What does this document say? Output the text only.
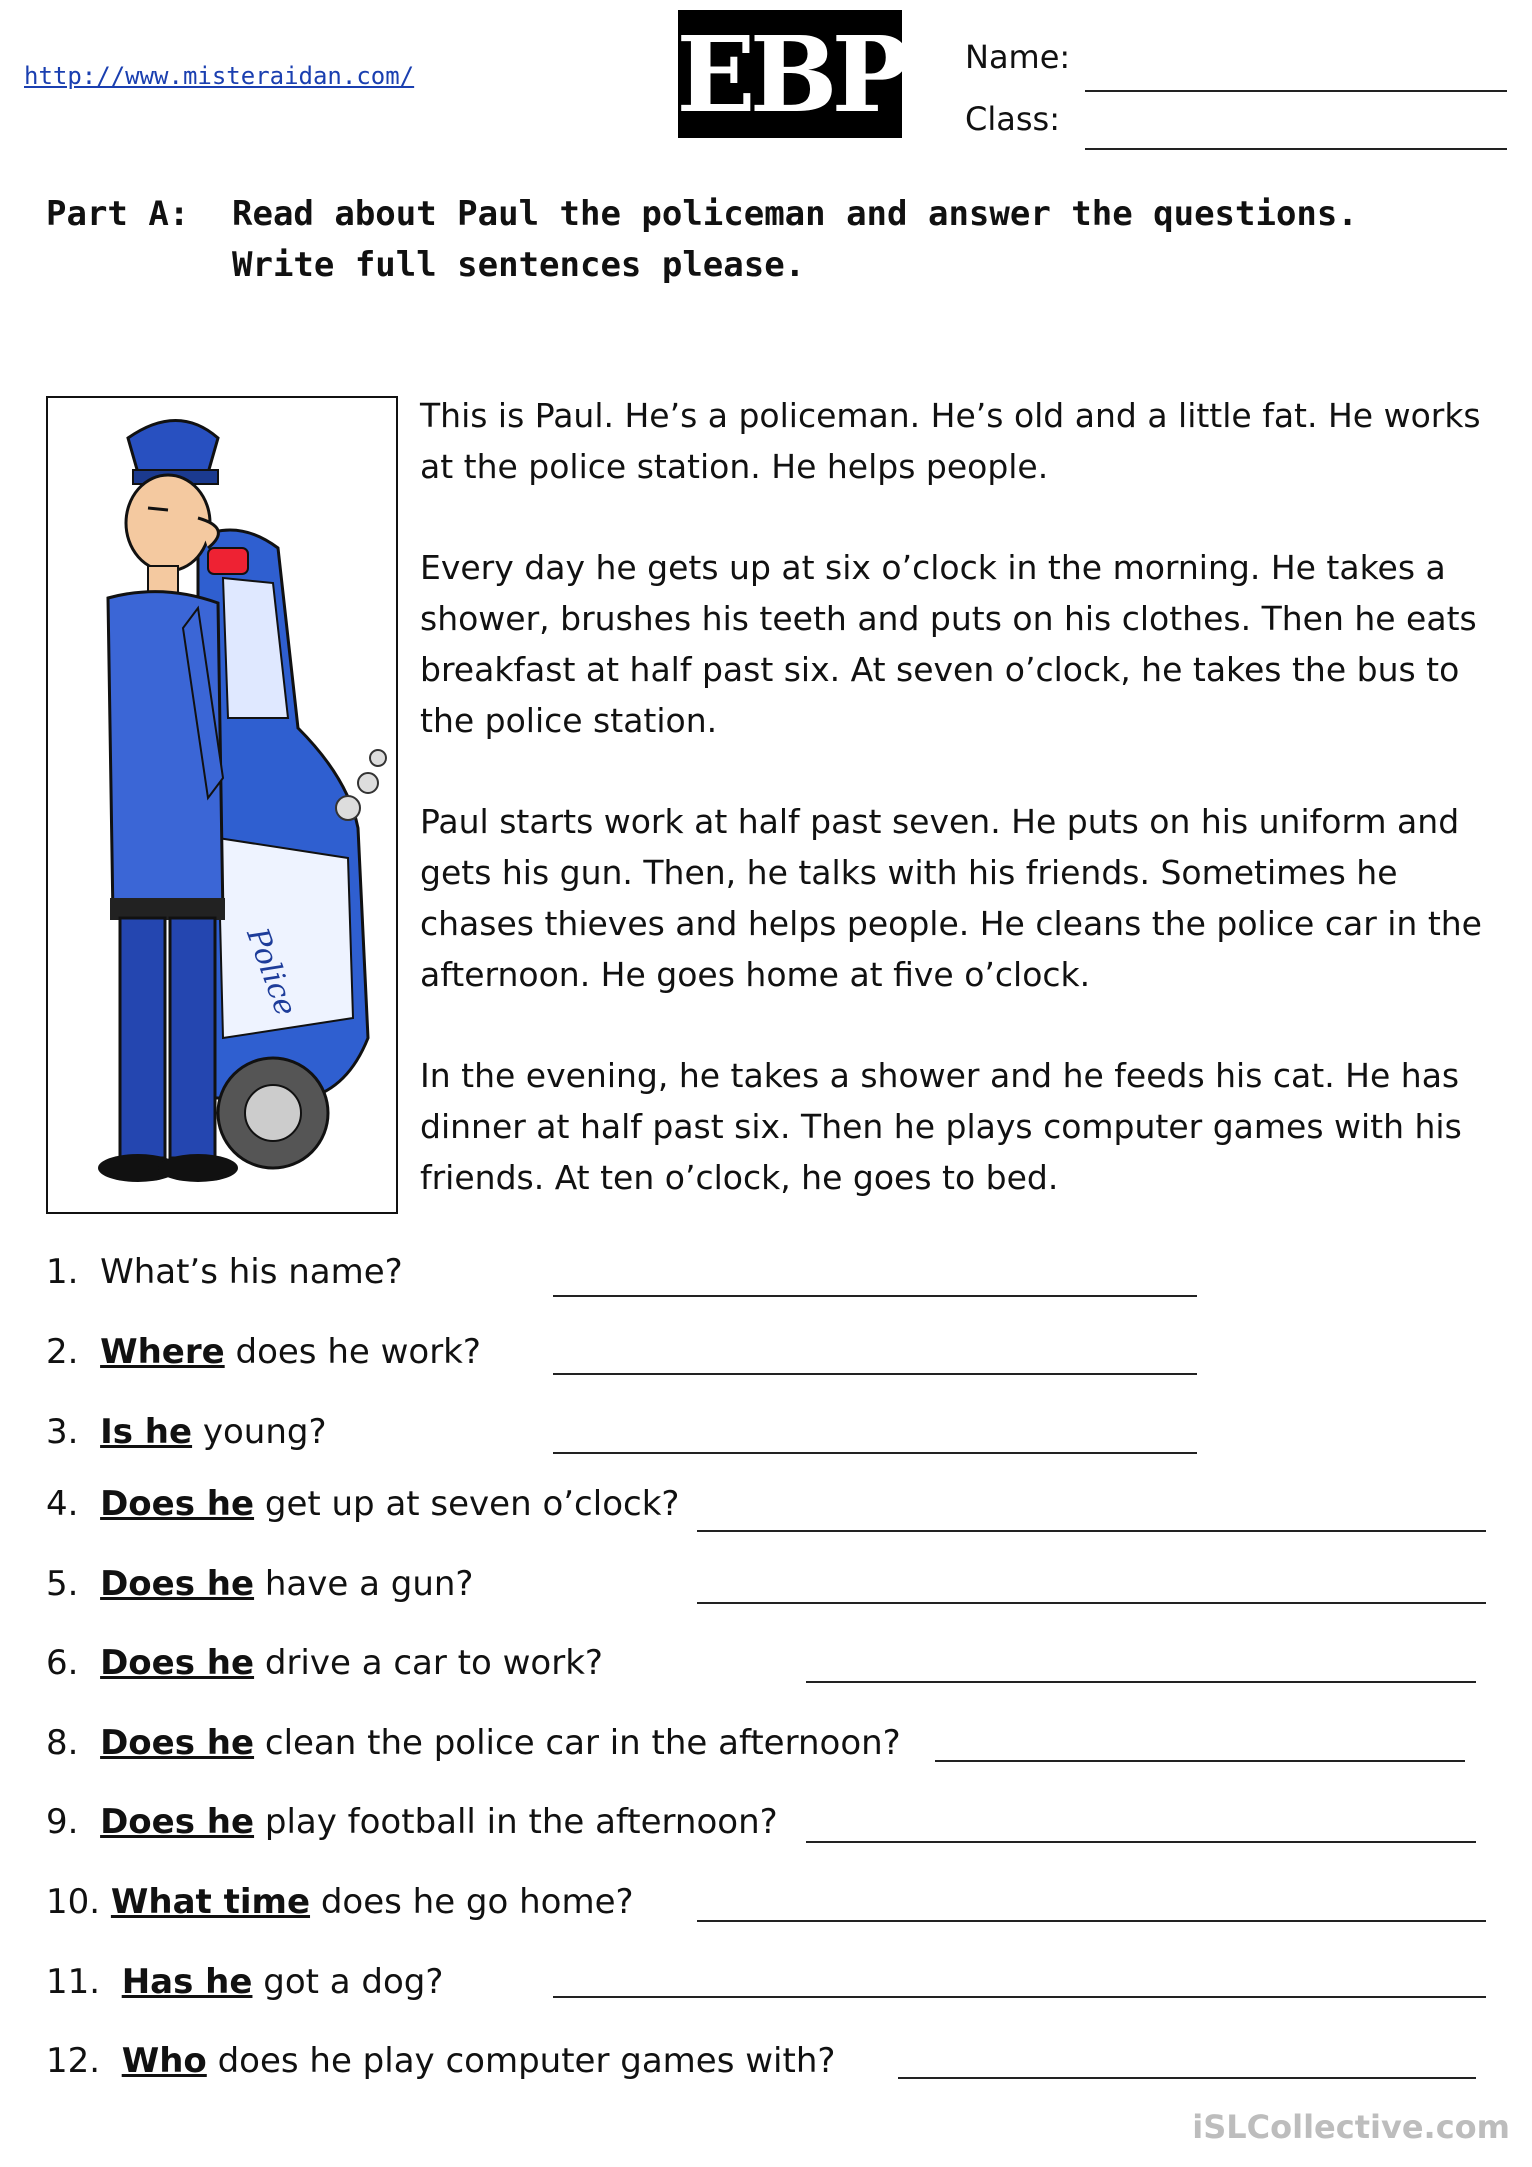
http://www.misteraidan.com/	EBP Name:
Class:
Part A: Read about Paul the policeman and answer the questions.
Write full sentences please.
Police

This is Paul. He’s a policeman. He’s old and a little fat. He works at the police station. He helps people.

Every day he gets up at six o’clock in the morning. He takes a shower, brushes his teeth and puts on his clothes. Then he eats breakfast at half past six. At seven o’clock, he takes the bus to the police station.

Paul starts work at half past seven. He puts on his uniform and gets his gun. Then, he talks with his friends. Sometimes he chases thieves and helps people. He cleans the police car in the afternoon. He goes home at five o’clock.

In the evening, he takes a shower and he feeds his cat. He has dinner at half past six. Then he plays computer games with his friends. At ten o’clock, he goes to bed.

1. What’s his name?
2. Where does he work?
3. Is he young?
4. Does he get up at seven o’clock?
5. Does he have a gun?
6. Does he drive a car to work?
8. Does he clean the police car in the afternoon?
9. Does he play football in the afternoon?
10. What time does he go home?
11. Has he got a dog?
12. Who does he play computer games with?
iSLCollective.com
